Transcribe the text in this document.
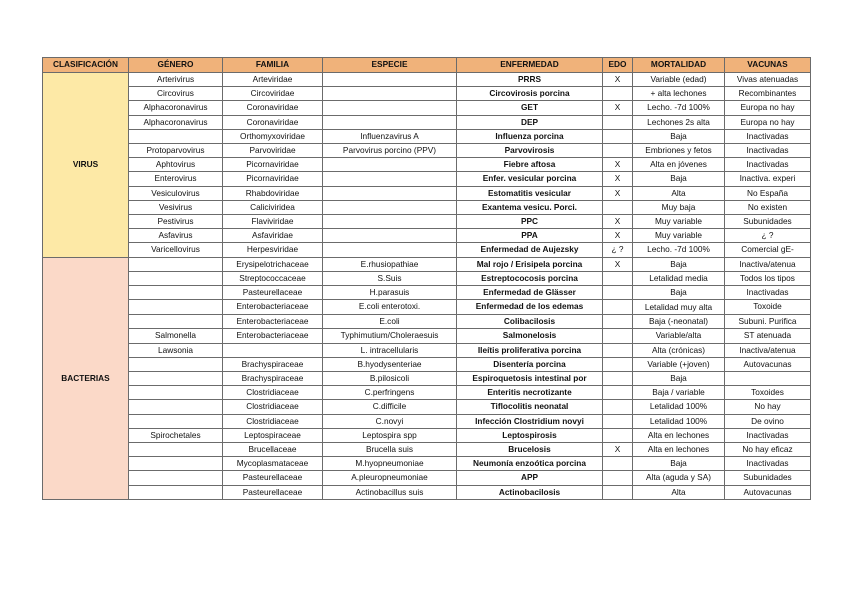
CLASIFICACIÓN	GÉNERO	FAMILIA	ESPECIE	ENFERMEDAD	EDO	MORTALIDAD	VACUNAS
VIRUS	Arterivirus	Arteviridae		PRRS	X	Variable (edad)	Vivas atenuadas
	Circovirus	Circoviridae		Circovirosis porcina		+ alta lechones	Recombinantes
	Alphacoronavirus	Coronaviridae		GET	X	Lecho. -7d 100%	Europa no hay
	Alphacoronavirus	Coronaviridae		DEP		Lechones 2s alta	Europa no hay
		Orthomyxoviridae	Influenzavirus A	Influenza porcina		Baja	Inactivadas
	Protoparvovirus	Parvoviridae	Parvovirus porcino (PPV)	Parvovirosis		Embriones y fetos	Inactivadas
	Aphtovirus	Picornaviridae		Fiebre aftosa	X	Alta en jóvenes	Inactivadas
	Enterovirus	Picornaviridae		Enfer. vesicular porcina	X	Baja	Inactiva. experi
	Vesiculovirus	Rhabdoviridae		Estomatitis vesicular	X	Alta	No España
	Vesivirus	Caliciviridea		Exantema vesicu. Porci.		Muy baja	No existen
	Pestivirus	Flaviviridae		PPC	X	Muy variable	Subunidades
	Asfavirus	Asfaviridae		PPA	X	Muy variable	¿ ?
	Varicellovirus	Herpesviridae		Enfermedad de Aujezsky	¿ ?	Lecho. -7d 100%	Comercial gE-
BACTERIAS		Erysipelotrichaceae	E.rhusiopathiae	Mal rojo / Erisipela porcina	X	Baja	Inactiva/atenua
		Streptococcaceae	S.Suis	Estreptococosis porcina		Letalidad media	Todos los tipos
		Pasteurellaceae	H.parasuis	Enfermedad de Glässer		Baja	Inactivadas
		Enterobacteriaceae	E.coli enterotoxi.	Enfermedad de los edemas		Letalidad muy alta	Toxoide
		Enterobacteriaceae	E.coli	Colibacilosis		Baja (-neonatal)	Subuni. Purifica
	Salmonella	Enterobacteriaceae	Typhimutium/Choleraesuis	Salmonelosis		Variable/alta	ST atenuada
	Lawsonia		L. intracellularis	Ileítis proliferativa porcina		Alta (crónicas)	Inactiva/atenua
		Brachyspiraceae	B.hyodysenteriae	Disentería porcina		Variable (+joven)	Autovacunas
		Brachyspiraceae	B.pilosicoli	Espiroquetosis intestinal por		Baja	
		Clostridiaceae	C.perfringens	Enteritis necrotizante		Baja / variable	Toxoides
		Clostridiaceae	C.difficile	Tiflocolitis neonatal		Letalidad 100%	No hay
		Clostridiaceae	C.novyi	Infección Clostridium novyi		Letalidad 100%	De ovino
	Spirochetales	Leptospiraceae	Leptospira spp	Leptospirosis		Alta en lechones	Inactivadas
		Brucellaceae	Brucella suis	Brucelosis	X	Alta en lechones	No hay eficaz
		Mycoplasmataceae	M.hyopneumoniae	Neumonía enzoótica porcina		Baja	Inactivadas
		Pasteurellaceae	A.pleuropneumoniae	APP		Alta (aguda y SA)	Subunidades
		Pasteurellaceae	Actinobacillus suis	Actinobacilosis		Alta	Autovacunas
